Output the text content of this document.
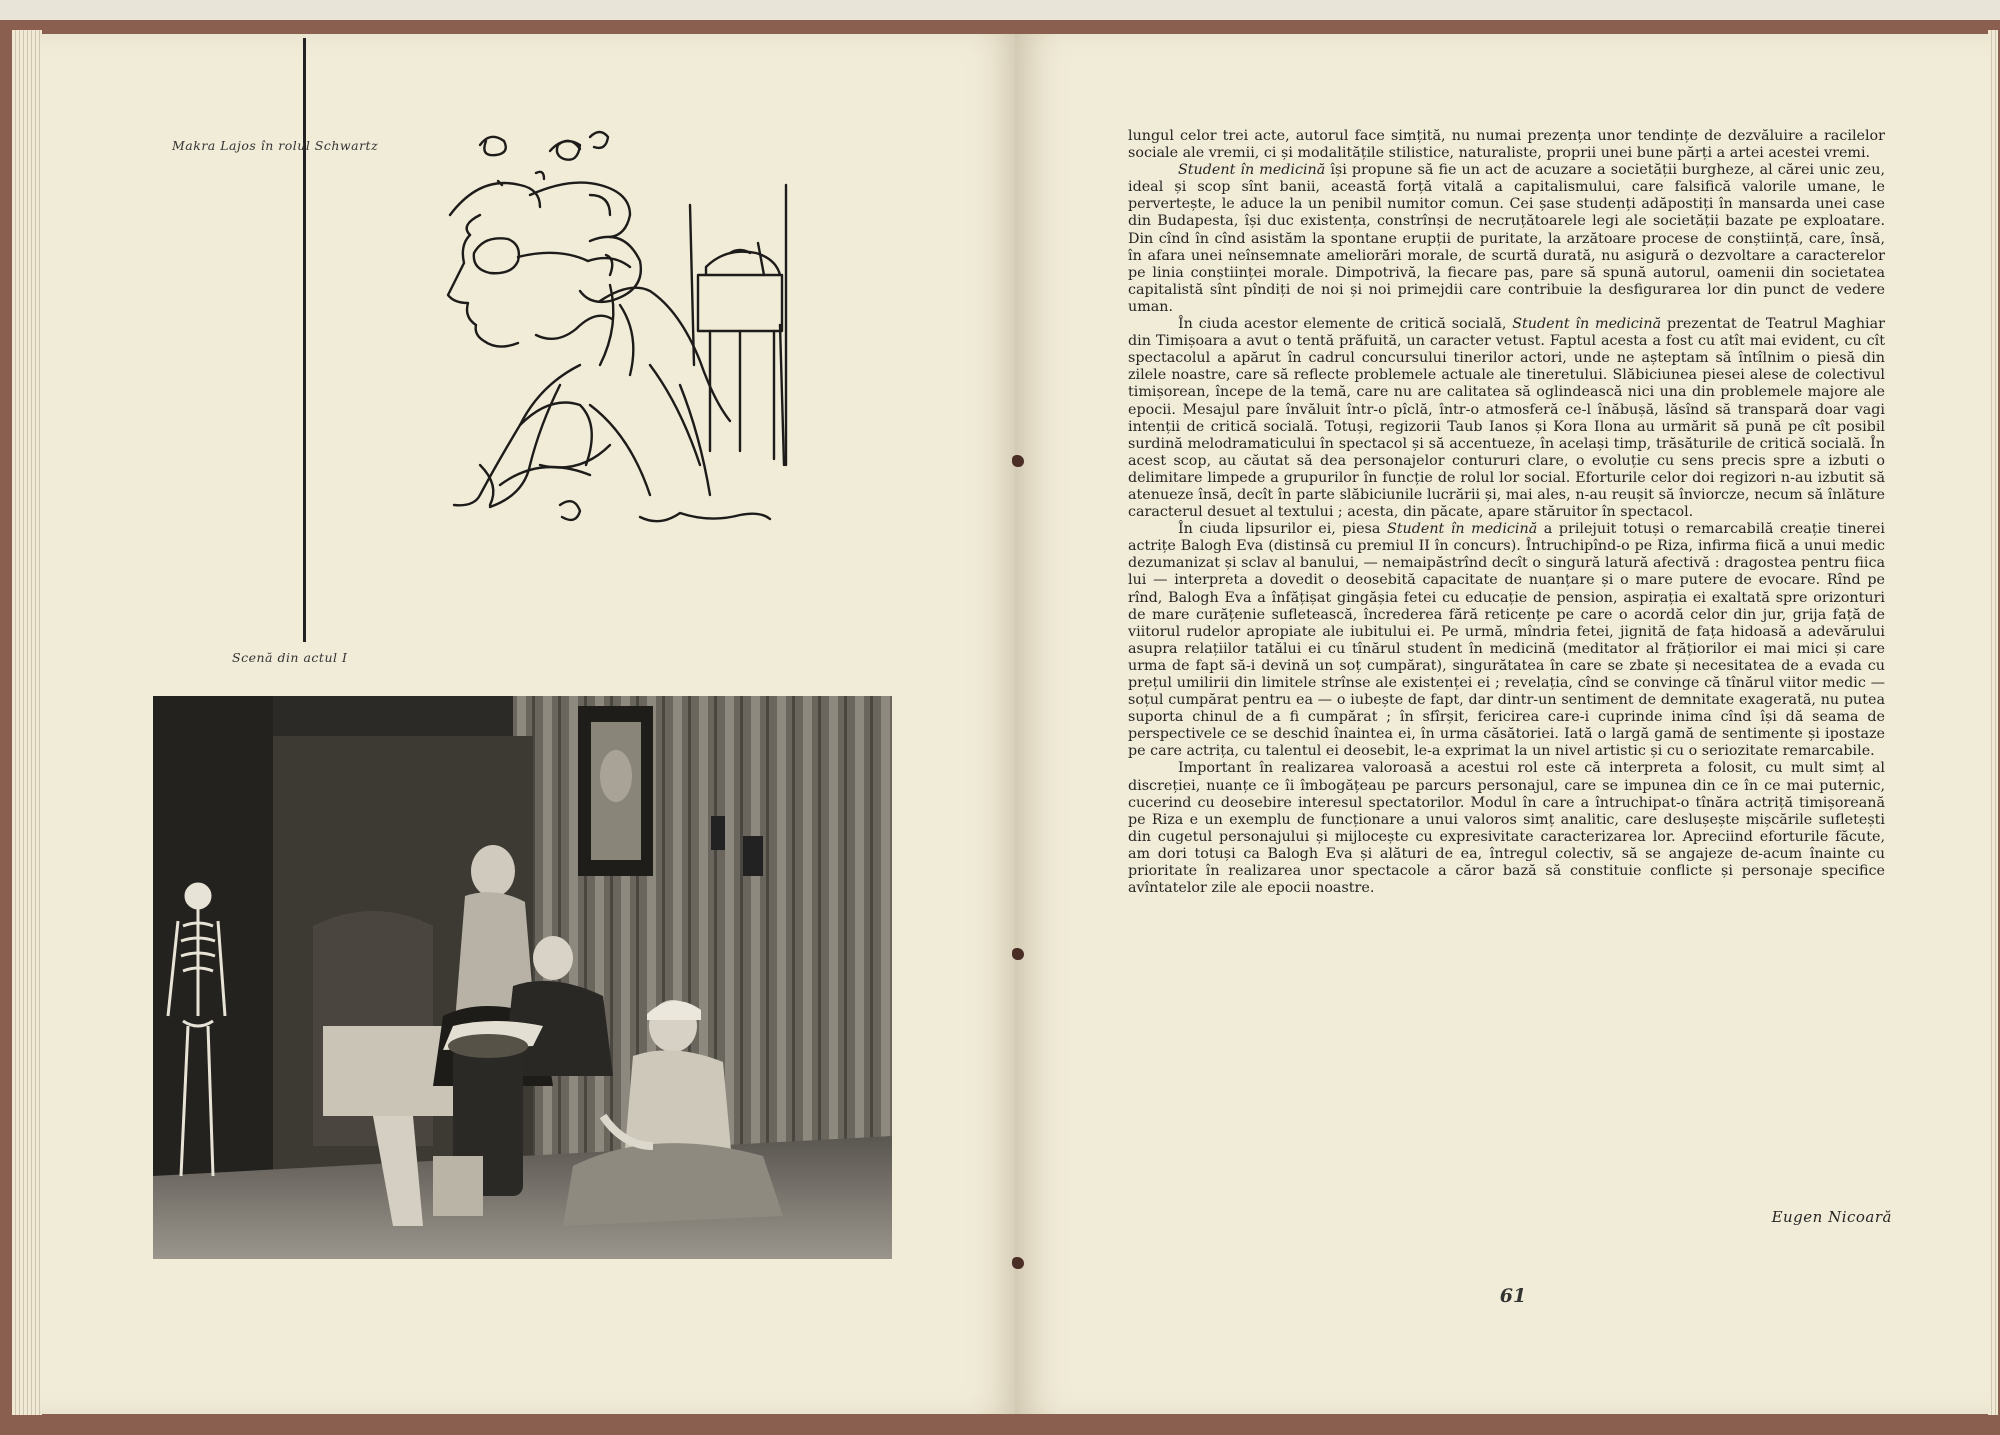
Makra Lajos în rolul Schwartz
Scenă din actul I

lungul celor trei acte, autorul face simțită, nu numai prezența unor tendințe de dezvăluire a racilelor sociale ale vremii, ci și modalitățile stilistice, naturaliste, proprii unei bune părți a artei acestei vremi.

Student în medicină își propune să fie un act de acuzare a societății burgheze, al cărei unic zeu, ideal și scop sînt banii, această forță vitală a capitalismului, care falsifică valorile umane, le pervertește, le aduce la un penibil numitor comun. Cei șase studenți adăpostiți în mansarda unei case din Budapesta, își duc existența, constrînși de necruțătoarele legi ale societății bazate pe exploatare. Din cînd în cînd asistăm la spontane erupții de puritate, la arzătoare procese de conștiință, care, însă, în afara unei neînsemnate ameliorări morale, de scurtă durată, nu asigură o dezvoltare a caracterelor pe linia conștiinței morale. Dimpotrivă, la fiecare pas, pare să spună autorul, oamenii din societatea capitalistă sînt pîndiți de noi și noi primejdii care contribuie la desfigurarea lor din punct de vedere uman.

În ciuda acestor elemente de critică socială, Student în medicină prezentat de Teatrul Maghiar din Timișoara a avut o tentă prăfuită, un caracter vetust. Faptul acesta a fost cu atît mai evident, cu cît spectacolul a apărut în cadrul concursului tinerilor actori, unde ne așteptam să întîlnim o piesă din zilele noastre, care să reflecte problemele actuale ale tineretului. Slăbiciunea piesei alese de colectivul timișorean, începe de la temă, care nu are calitatea să oglindească nici una din problemele majore ale epocii. Mesajul pare învăluit într-o pîclă, într-o atmosferă ce-l înăbușă, lăsînd să transpară doar vagi intenții de critică socială. Totuși, regizorii Taub Ianos și Kora Ilona au urmărit să pună pe cît posibil surdină melodramaticului în spectacol și să accentueze, în același timp, trăsăturile de critică socială. În acest scop, au căutat să dea personajelor contururi clare, o evoluție cu sens precis spre a izbuti o delimitare limpede a grupurilor în funcție de rolul lor social. Eforturile celor doi regizori n-au izbutit să atenueze însă, decît în parte slăbiciunile lucrării și, mai ales, n-au reușit să înviorcze, necum să înlăture caracterul desuet al textului ; acesta, din păcate, apare stăruitor în spectacol.

În ciuda lipsurilor ei, piesa Student în medicină a prilejuit totuși o remarcabilă creație tinerei actrițe Balogh Eva (distinsă cu premiul II în concurs). Întruchipînd-o pe Riza, infirma fiică a unui medic dezumanizat și sclav al banului, — nemaipăstrînd decît o singură latură afectivă : dragostea pentru fiica lui — interpreta a dovedit o deosebită capacitate de nuanțare și o mare putere de evocare. Rînd pe rînd, Balogh Eva a înfățișat gingășia fetei cu educație de pension, aspirația ei exaltată spre orizonturi de mare curățenie sufletească, încrederea fără reticențe pe care o acordă celor din jur, grija față de viitorul rudelor apropiate ale iubitului ei. Pe urmă, mîndria fetei, jignită de fața hidoasă a adevărului asupra relațiilor tatălui ei cu tînărul student în medicină (meditator al frățiorilor ei mai mici și care urma de fapt să-i devină un soț cumpărat), singurătatea în care se zbate și necesitatea de a evada cu prețul umilirii din limitele strînse ale existenței ei ; revelația, cînd se convinge că tînărul viitor medic — soțul cumpărat pentru ea — o iubește de fapt, dar dintr-un sentiment de demnitate exagerată, nu putea suporta chinul de a fi cumpărat ; în sfîrșit, fericirea care-i cuprinde inima cînd își dă seama de perspectivele ce se deschid înaintea ei, în urma căsătoriei. Iată o largă gamă de sentimente și ipostaze pe care actrița, cu talentul ei deosebit, le-a exprimat la un nivel artistic și cu o seriozitate remarcabile.

Important în realizarea valoroasă a acestui rol este că interpreta a folosit, cu mult simț al discreției, nuanțe ce îi îmbogățeau pe parcurs personajul, care se impunea din ce în ce mai puternic, cucerind cu deosebire interesul spectatorilor. Modul în care a întruchipat-o tînăra actriță timișoreană pe Riza e un exemplu de funcționare a unui valoros simț analitic, care deslușește mișcările sufletești din cugetul personajului și mijlocește cu expresivitate caracterizarea lor. Apreciind eforturile făcute, am dori totuși ca Balogh Eva și alături de ea, întregul colectiv, să se angajeze de-acum înainte cu prioritate în realizarea unor spectacole a căror bază să constituie conflicte și personaje specifice avîntatelor zile ale epocii noastre.

Eugen Nicoară
61
